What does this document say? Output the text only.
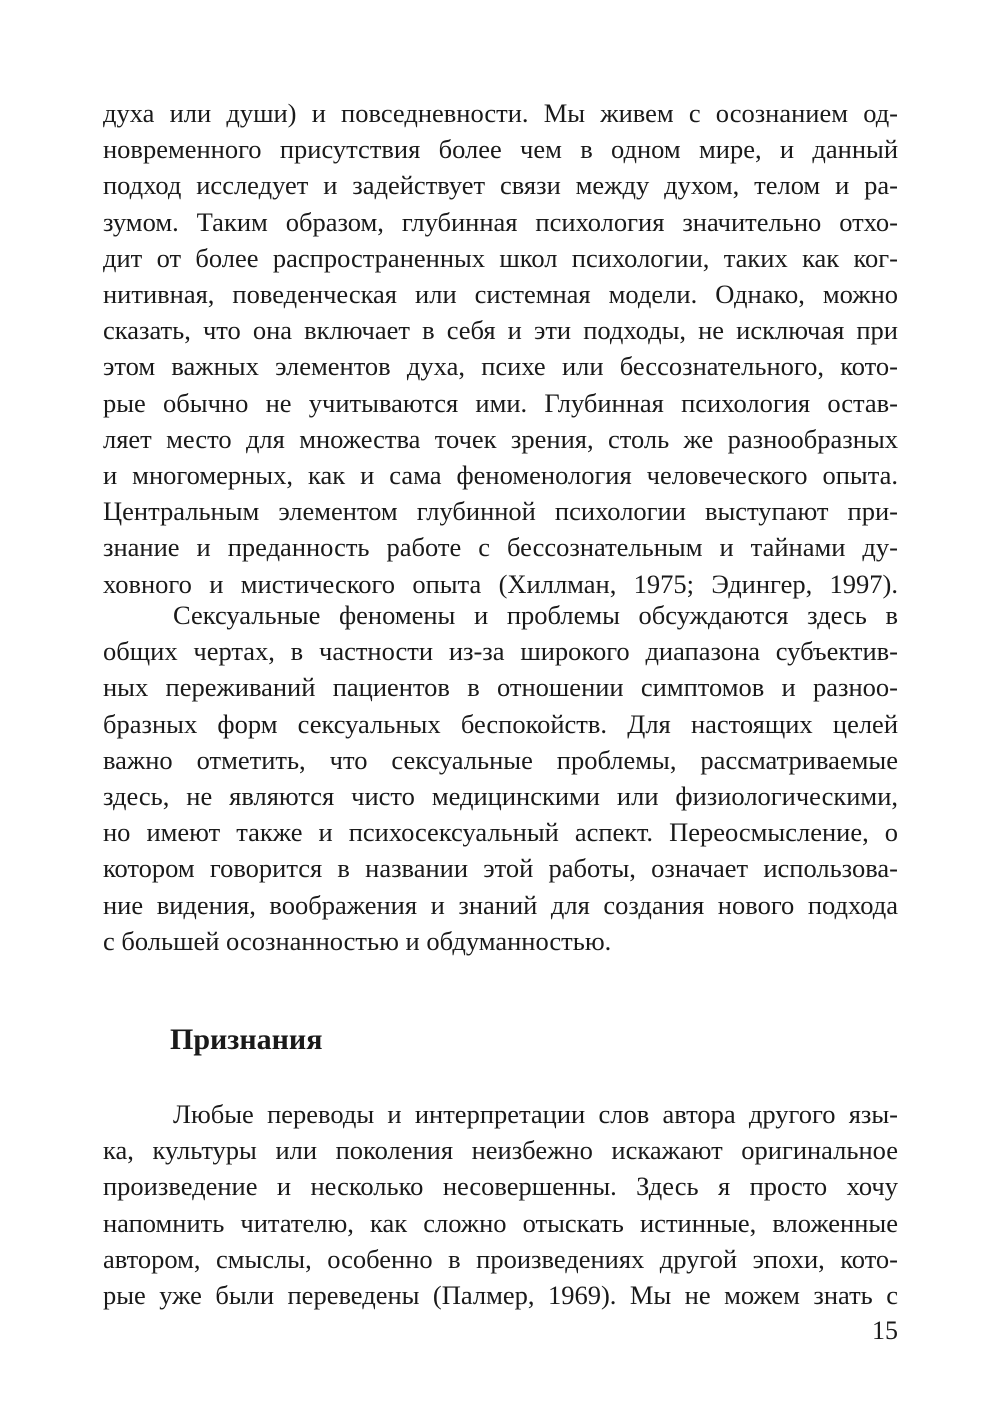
духа или души) и повседневности. Мы живем с осознанием од-
новременного присутствия более чем в одном мире, и данный
подход исследует и задействует связи между духом, телом и ра-
зумом. Таким образом, глубинная психология значительно отхо-
дит от более распространенных школ психологии, таких как ког-
нитивная, поведенческая или системная модели. Однако, можно
сказать, что она включает в себя и эти подходы, не исключая при
этом важных элементов духа, психе или бессознательного, кото-
рые обычно не учитываются ими. Глубинная психология остав-
ляет место для множества точек зрения, столь же разнообразных
и многомерных, как и сама феноменология человеческого опыта.
Центральным элементом глубинной психологии выступают при-
знание и преданность работе с бессознательным и тайнами ду-
ховного и мистического опыта (Хиллман, 1975; Эдингер, 1997).
Сексуальные феномены и проблемы обсуждаются здесь в
общих чертах, в частности из-за широкого диапазона субъектив-
ных переживаний пациентов в отношении симптомов и разноо-
бразных форм сексуальных беспокойств. Для настоящих целей
важно отметить, что сексуальные проблемы, рассматриваемые
здесь, не являются чисто медицинскими или физиологическими,
но имеют также и психосексуальный аспект. Переосмысление, о
котором говорится в названии этой работы, означает использова-
ние видения, воображения и знаний для создания нового подхода
с большей осознанностью и обдуманностью.
Признания
Любые переводы и интерпретации слов автора другого язы-
ка, культуры или поколения неизбежно искажают оригинальное
произведение и несколько несовершенны. Здесь я просто хочу
напомнить читателю, как сложно отыскать истинные, вложенные
автором, смыслы, особенно в произведениях другой эпохи, кото-
рые уже были переведены (Палмер, 1969). Мы не можем знать с
15
